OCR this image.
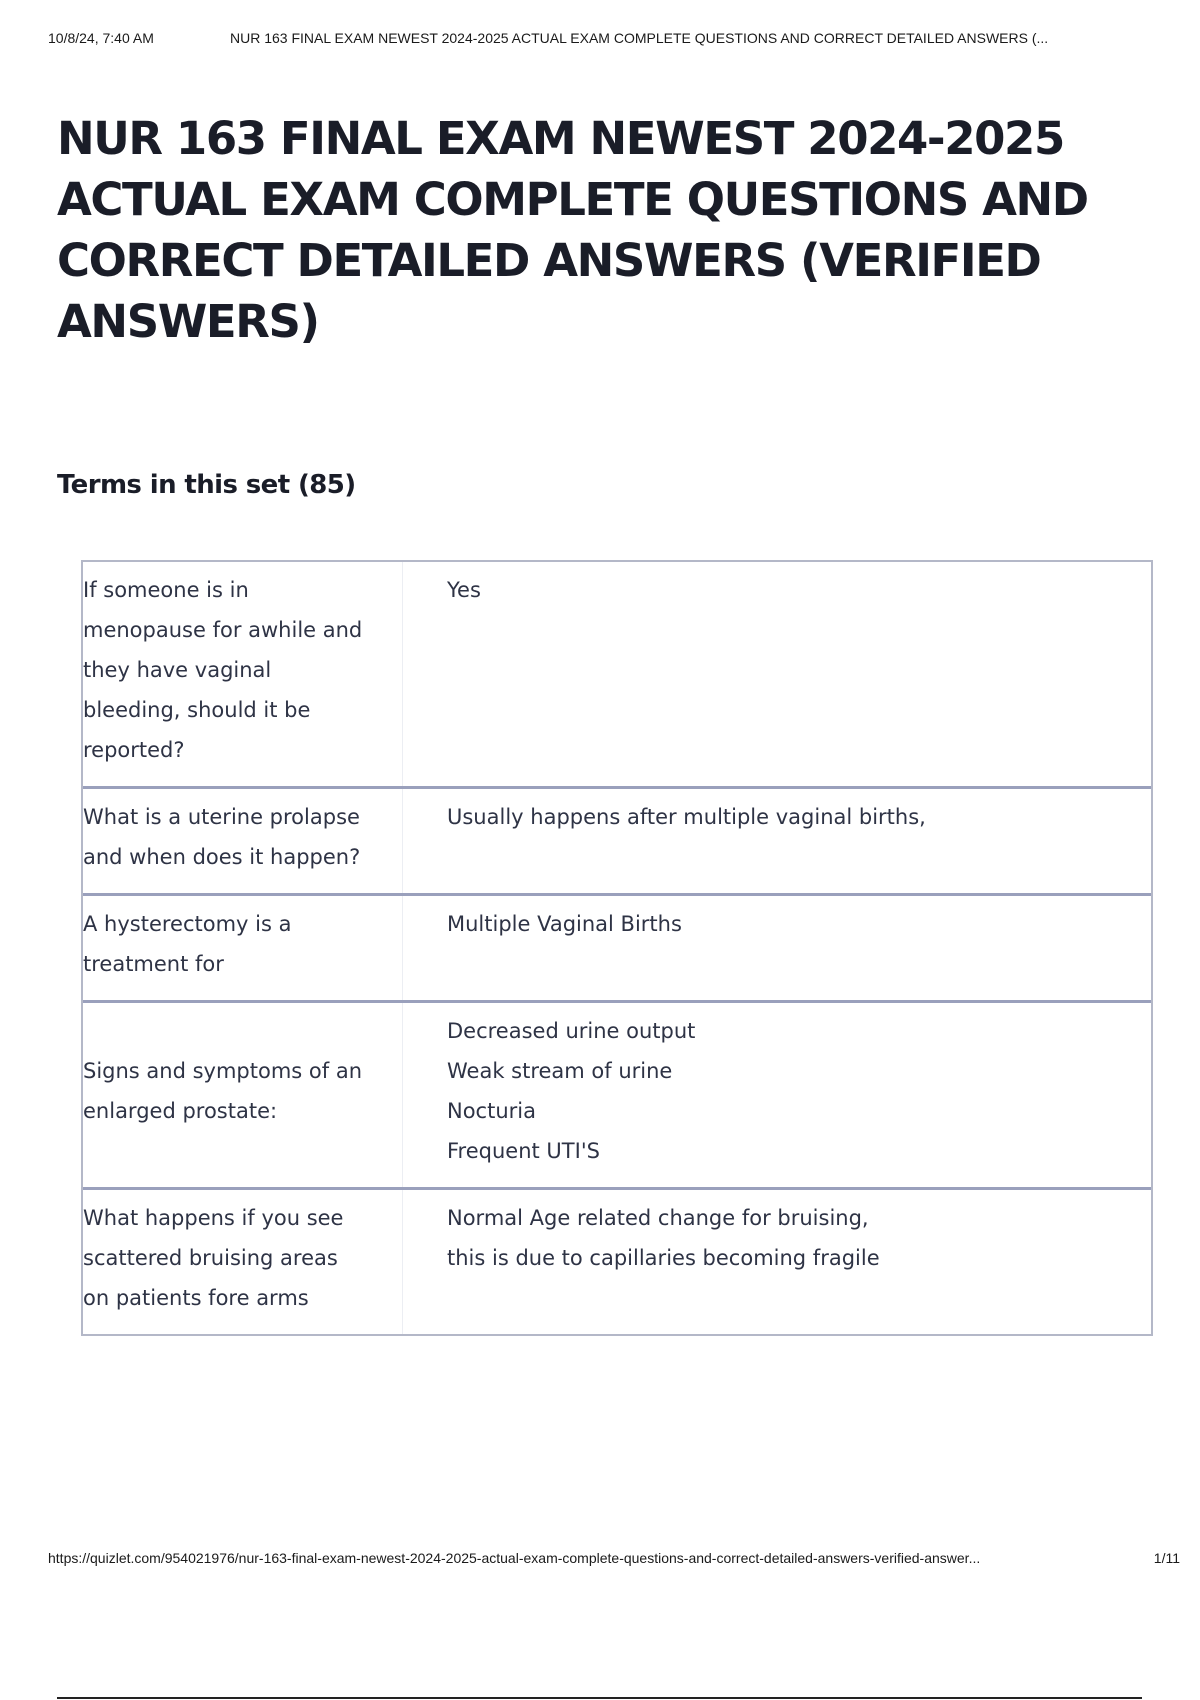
10/8/24, 7:40 AM	NUR 163 FINAL EXAM NEWEST 2024-2025 ACTUAL EXAM COMPLETE QUESTIONS AND CORRECT DETAILED ANSWERS (...
NUR 163 FINAL EXAM NEWEST 2024-2025 ACTUAL EXAM COMPLETE QUESTIONS AND CORRECT DETAILED ANSWERS (VERIFIED ANSWERS)
Terms in this set (85)
If someone is in
menopause for awhile and
they have vaginal
bleeding, should it be
reported?
Yes
What is a uterine prolapse
and when does it happen?
Usually happens after multiple vaginal births,
A hysterectomy is a
treatment for
Multiple Vaginal Births
Signs and symptoms of an
enlarged prostate:
Decreased urine output
Weak stream of urine
Nocturia
Frequent UTI'S
What happens if you see
scattered bruising areas
on patients fore arms
Normal Age related change for bruising,
this is due to capillaries becoming fragile
https://quizlet.com/954021976/nur-163-final-exam-newest-2024-2025-actual-exam-complete-questions-and-correct-detailed-answers-verified-answer...	1/11
